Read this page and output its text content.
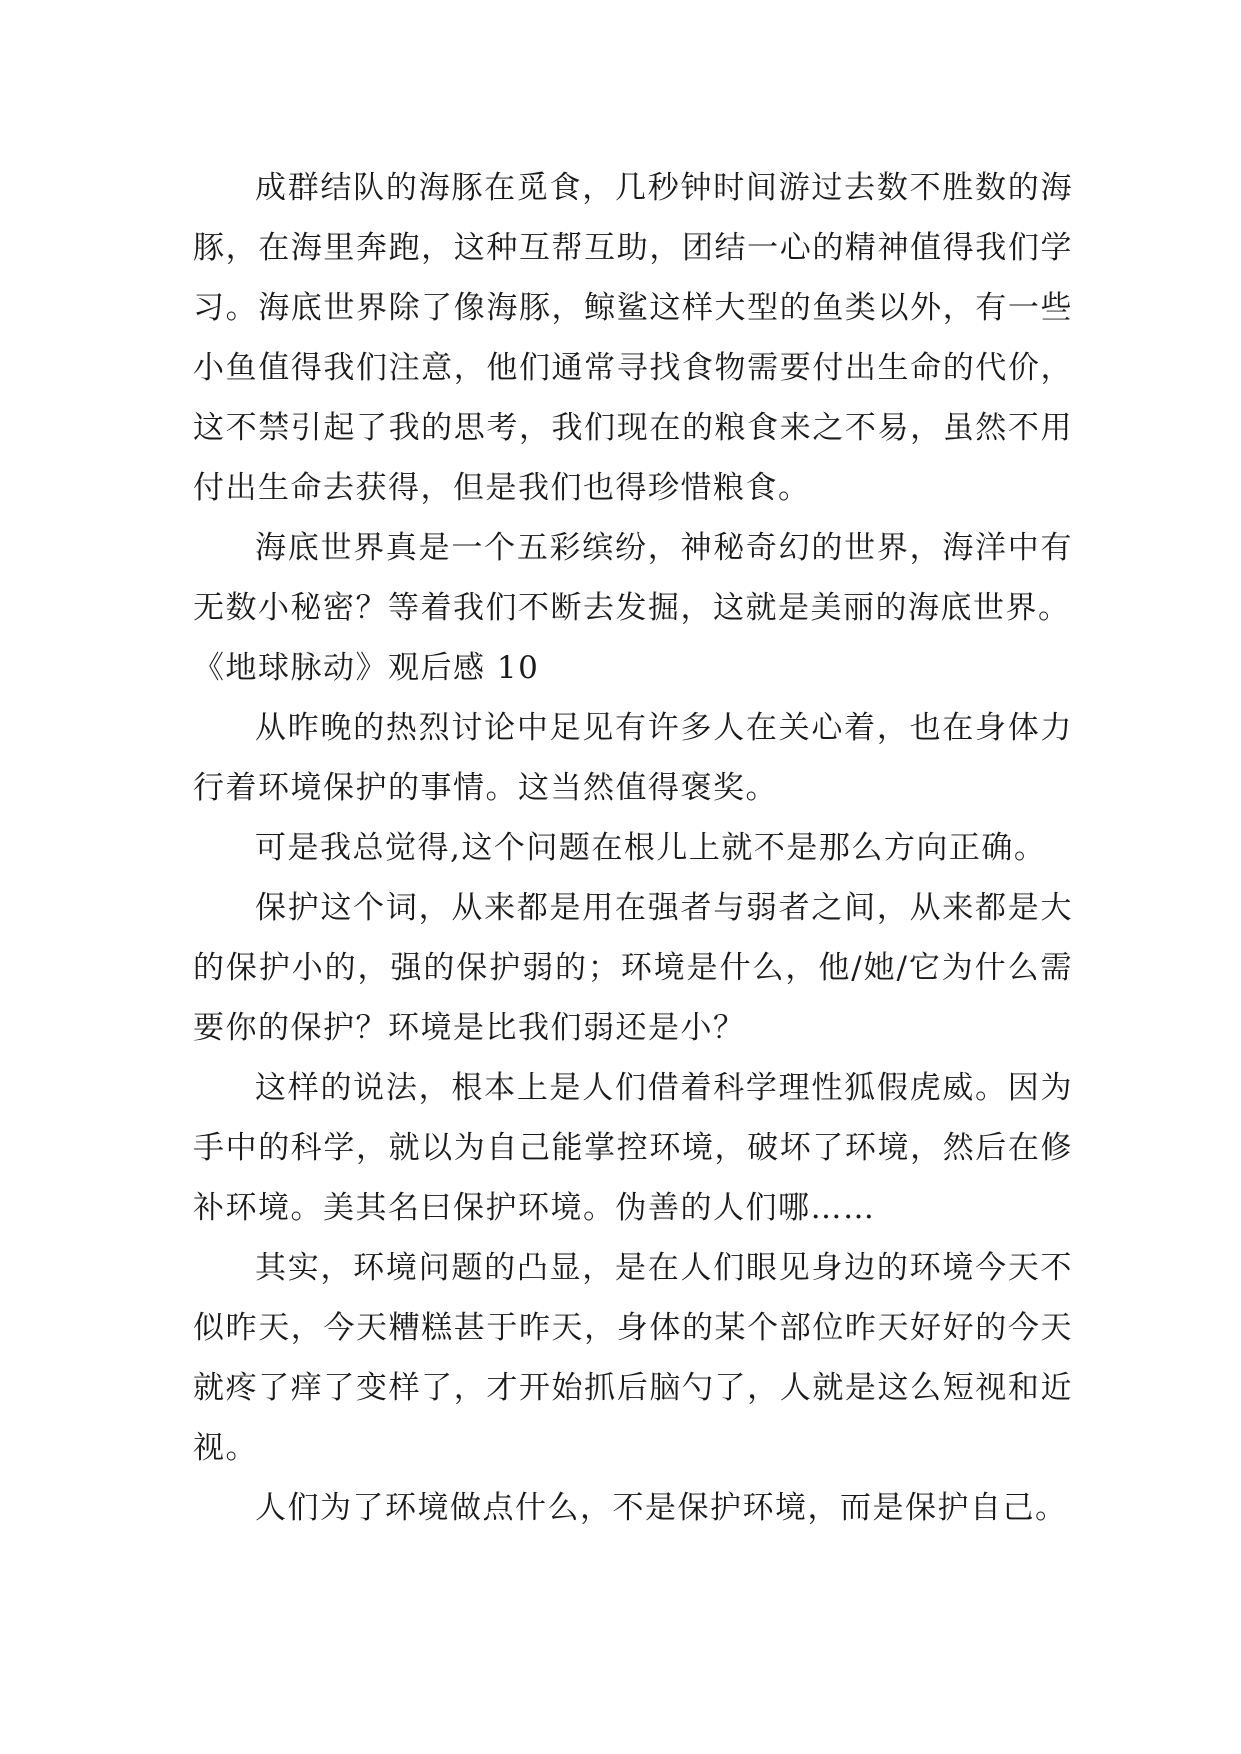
成群结队的海豚在觅食，几秒钟时间游过去数不胜数的海豚，在海里奔跑，这种互帮互助，团结一心的精神值得我们学习。海底世界除了像海豚，鲸鲨这样大型的鱼类以外，有一些小鱼值得我们注意，他们通常寻找食物需要付出生命的代价，这不禁引起了我的思考，我们现在的粮食来之不易，虽然不用付出生命去获得，但是我们也得珍惜粮食。

海底世界真是一个五彩缤纷，神秘奇幻的世界，海洋中有无数小秘密？等着我们不断去发掘，这就是美丽的海底世界。

《地球脉动》观后感 10

从昨晚的热烈讨论中足见有许多人在关心着，也在身体力行着环境保护的事情。这当然值得褒奖。

可是我总觉得,这个问题在根儿上就不是那么方向正确。

保护这个词，从来都是用在强者与弱者之间，从来都是大的保护小的，强的保护弱的；环境是什么，他/她/它为什么需要你的保护？环境是比我们弱还是小？

这样的说法，根本上是人们借着科学理性狐假虎威。因为手中的科学，就以为自己能掌控环境，破坏了环境，然后在修补环境。美其名曰保护环境。伪善的人们哪……

其实，环境问题的凸显，是在人们眼见身边的环境今天不似昨天，今天糟糕甚于昨天，身体的某个部位昨天好好的今天就疼了痒了变样了，才开始抓后脑勺了，人就是这么短视和近视。

人们为了环境做点什么，不是保护环境，而是保护自己。
